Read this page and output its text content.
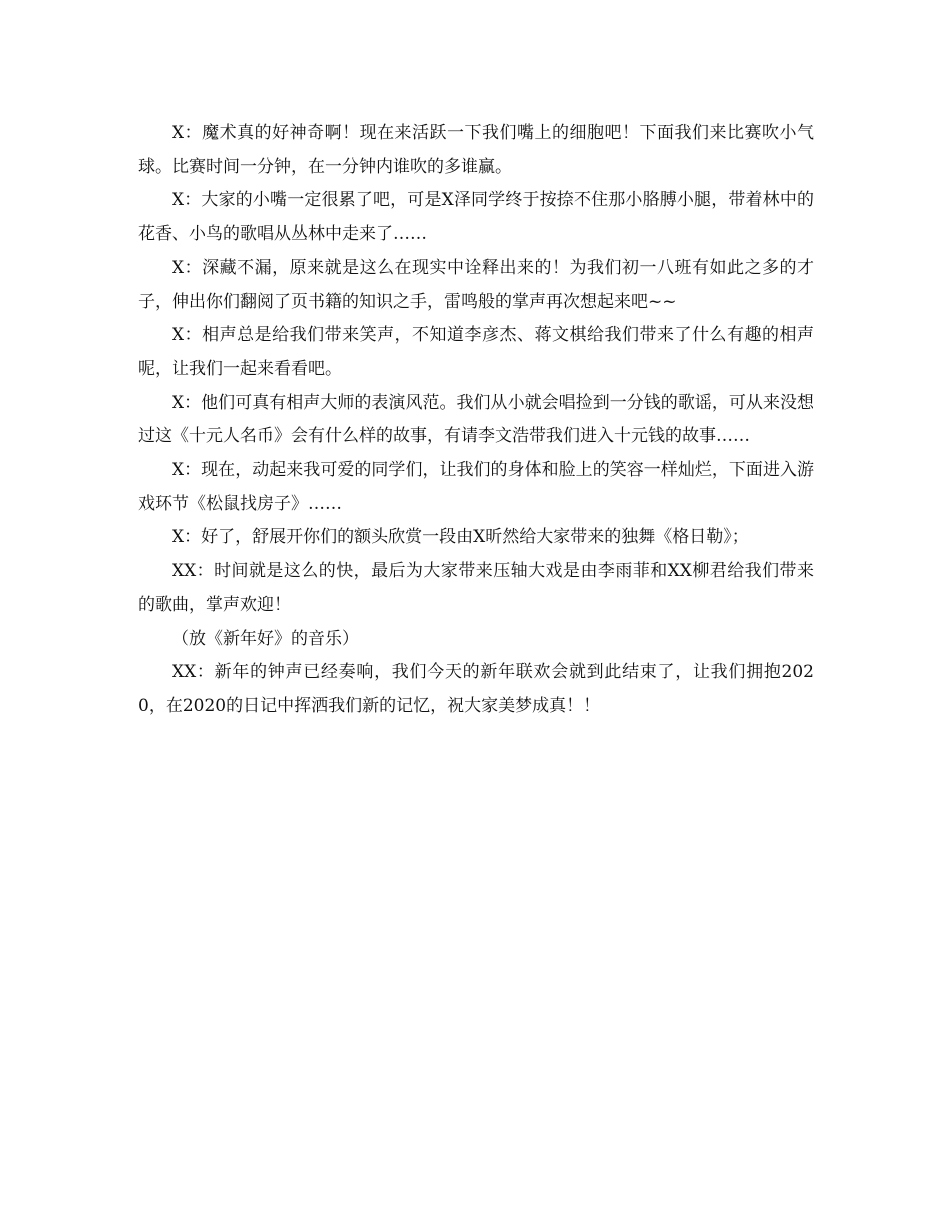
X：魔术真的好神奇啊！现在来活跃一下我们嘴上的细胞吧！下面我们来比赛吹小气球。比赛时间一分钟，在一分钟内谁吹的多谁赢。

X：大家的小嘴一定很累了吧，可是X泽同学终于按捺不住那小胳膊小腿，带着林中的花香、小鸟的歌唱从丛林中走来了……

X：深藏不漏，原来就是这么在现实中诠释出来的！为我们初一八班有如此之多的才子，伸出你们翻阅了页书籍的知识之手，雷鸣般的掌声再次想起来吧~~

X：相声总是给我们带来笑声，不知道李彦杰、蒋文棋给我们带来了什么有趣的相声呢，让我们一起来看看吧。

X：他们可真有相声大师的表演风范。我们从小就会唱捡到一分钱的歌谣，可从来没想过这《十元人名币》会有什么样的故事，有请李文浩带我们进入十元钱的故事……

X：现在，动起来我可爱的同学们，让我们的身体和脸上的笑容一样灿烂，下面进入游戏环节《松鼠找房子》……

X：好了，舒展开你们的额头欣赏一段由X昕然给大家带来的独舞《格日勒》；

XX：时间就是这么的快，最后为大家带来压轴大戏是由李雨菲和XX柳君给我们带来的歌曲，掌声欢迎！

（放《新年好》的音乐）

XX：新年的钟声已经奏响，我们今天的新年联欢会就到此结束了，让我们拥抱2020，在2020的日记中挥洒我们新的记忆，祝大家美梦成真！！
